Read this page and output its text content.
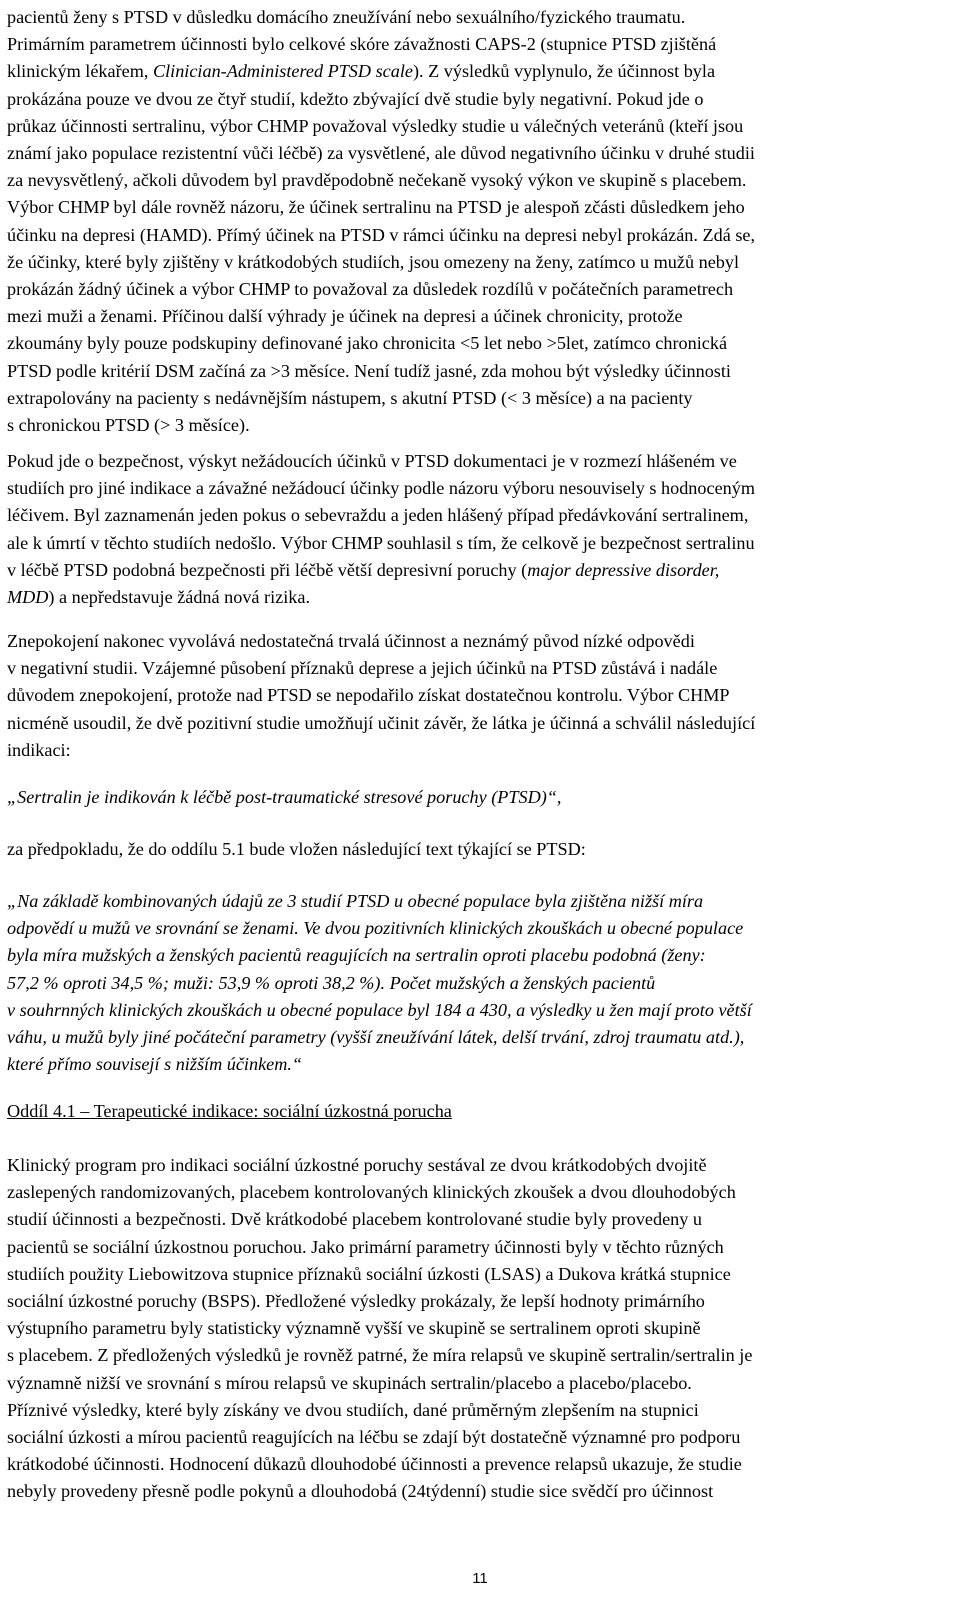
pacientů ženy s PTSD v důsledku domácího zneužívání nebo sexuálního/fyzického traumatu.
Primárním parametrem účinnosti bylo celkové skóre závažnosti CAPS-2 (stupnice PTSD zjištěná
klinickým lékařem, Clinician-Administered PTSD scale). Z výsledků vyplynulo, že účinnost byla
prokázána pouze ve dvou ze čtyř studií, kdežto zbývající dvě studie byly negativní. Pokud jde o
průkaz účinnosti sertralinu, výbor CHMP považoval výsledky studie u válečných veteránů (kteří jsou
známí jako populace rezistentní vůči léčbě) za vysvětlené, ale důvod negativního účinku v druhé studii
za nevysvětlený, ačkoli důvodem byl pravděpodobně nečekaně vysoký výkon ve skupině s placebem.
Výbor CHMP byl dále rovněž názoru, že účinek sertralinu na PTSD je alespoň zčásti důsledkem jeho
účinku na depresi (HAMD). Přímý účinek na PTSD v rámci účinku na depresi nebyl prokázán. Zdá se,
že účinky, které byly zjištěny v krátkodobých studiích, jsou omezeny na ženy, zatímco u mužů nebyl
prokázán žádný účinek a výbor CHMP to považoval za důsledek rozdílů v počátečních parametrech
mezi muži a ženami. Příčinou další výhrady je účinek na depresi a účinek chronicity, protože
zkoumány byly pouze podskupiny definované jako chronicita <5 let nebo >5let, zatímco chronická
PTSD podle kritérií DSM začíná za >3 měsíce. Není tudíž jasné, zda mohou být výsledky účinnosti
extrapolovány na pacienty s nedávnějším nástupem, s akutní PTSD (< 3 měsíce) a na pacienty
s chronickou PTSD (> 3 měsíce).
Pokud jde o bezpečnost, výskyt nežádoucích účinků v PTSD dokumentaci je v rozmezí hlášeném ve
studiích pro jiné indikace a závažné nežádoucí účinky podle názoru výboru nesouvisely s hodnoceným
léčivem. Byl zaznamenán jeden pokus o sebevraždu a jeden hlášený případ předávkování sertralinem,
ale k úmrtí v těchto studiích nedošlo. Výbor CHMP souhlasil s tím, že celkově je bezpečnost sertralinu
v léčbě PTSD podobná bezpečnosti při léčbě větší depresivní poruchy (major depressive disorder,
MDD) a nepředstavuje žádná nová rizika.
Znepokojení nakonec vyvolává nedostatečná trvalá účinnost a neznámý původ nízké odpovědi
v negativní studii. Vzájemné působení příznaků deprese a jejich účinků na PTSD zůstává i nadále
důvodem znepokojení, protože nad PTSD se nepodařilo získat dostatečnou kontrolu. Výbor CHMP
nicméně usoudil, že dvě pozitivní studie umožňují učinit závěr, že látka je účinná a schválil následující
indikaci:
„Sertralin je indikován k léčbě post-traumatické stresové poruchy (PTSD)“,
za předpokladu, že do oddílu 5.1 bude vložen následující text týkající se PTSD:
„Na základě kombinovaných údajů ze 3 studií PTSD u obecné populace byla zjištěna nižší míra
odpovědí u mužů ve srovnání se ženami. Ve dvou pozitivních klinických zkouškách u obecné populace
byla míra mužských a ženských pacientů reagujících na sertralin oproti placebu podobná (ženy:
57,2 % oproti 34,5 %; muži: 53,9 % oproti 38,2 %). Počet mužských a ženských pacientů
v souhrnných klinických zkouškách u obecné populace byl 184 a 430, a výsledky u žen mají proto větší
váhu, u mužů byly jiné počáteční parametry (vyšší zneužívání látek, delší trvání, zdroj traumatu atd.),
které přímo souvisejí s nižším účinkem.“
Oddíl 4.1 – Terapeutické indikace: sociální úzkostná porucha
Klinický program pro indikaci sociální úzkostné poruchy sestával ze dvou krátkodobých dvojitě
zaslepených randomizovaných, placebem kontrolovaných klinických zkoušek a dvou dlouhodobých
studií účinnosti a bezpečnosti. Dvě krátkodobé placebem kontrolované studie byly provedeny u
pacientů se sociální úzkostnou poruchou. Jako primární parametry účinnosti byly v těchto různých
studiích použity Liebowitzova stupnice příznaků sociální úzkosti (LSAS) a Dukova krátká stupnice
sociální úzkostné poruchy (BSPS). Předložené výsledky prokázaly, že lepší hodnoty primárního
výstupního parametru byly statisticky významně vyšší ve skupině se sertralinem oproti skupině
s placebem. Z předložených výsledků je rovněž patrné, že míra relapsů ve skupině sertralin/sertralin je
významně nižší ve srovnání s mírou relapsů ve skupinách sertralin/placebo a placebo/placebo.
Příznivé výsledky, které byly získány ve dvou studiích, dané průměrným zlepšením na stupnici
sociální úzkosti a mírou pacientů reagujících na léčbu se zdají být dostatečně významné pro podporu
krátkodobé účinnosti. Hodnocení důkazů dlouhodobé účinnosti a prevence relapsů ukazuje, že studie
nebyly provedeny přesně podle pokynů a dlouhodobá (24týdenní) studie sice svědčí pro účinnost
11
